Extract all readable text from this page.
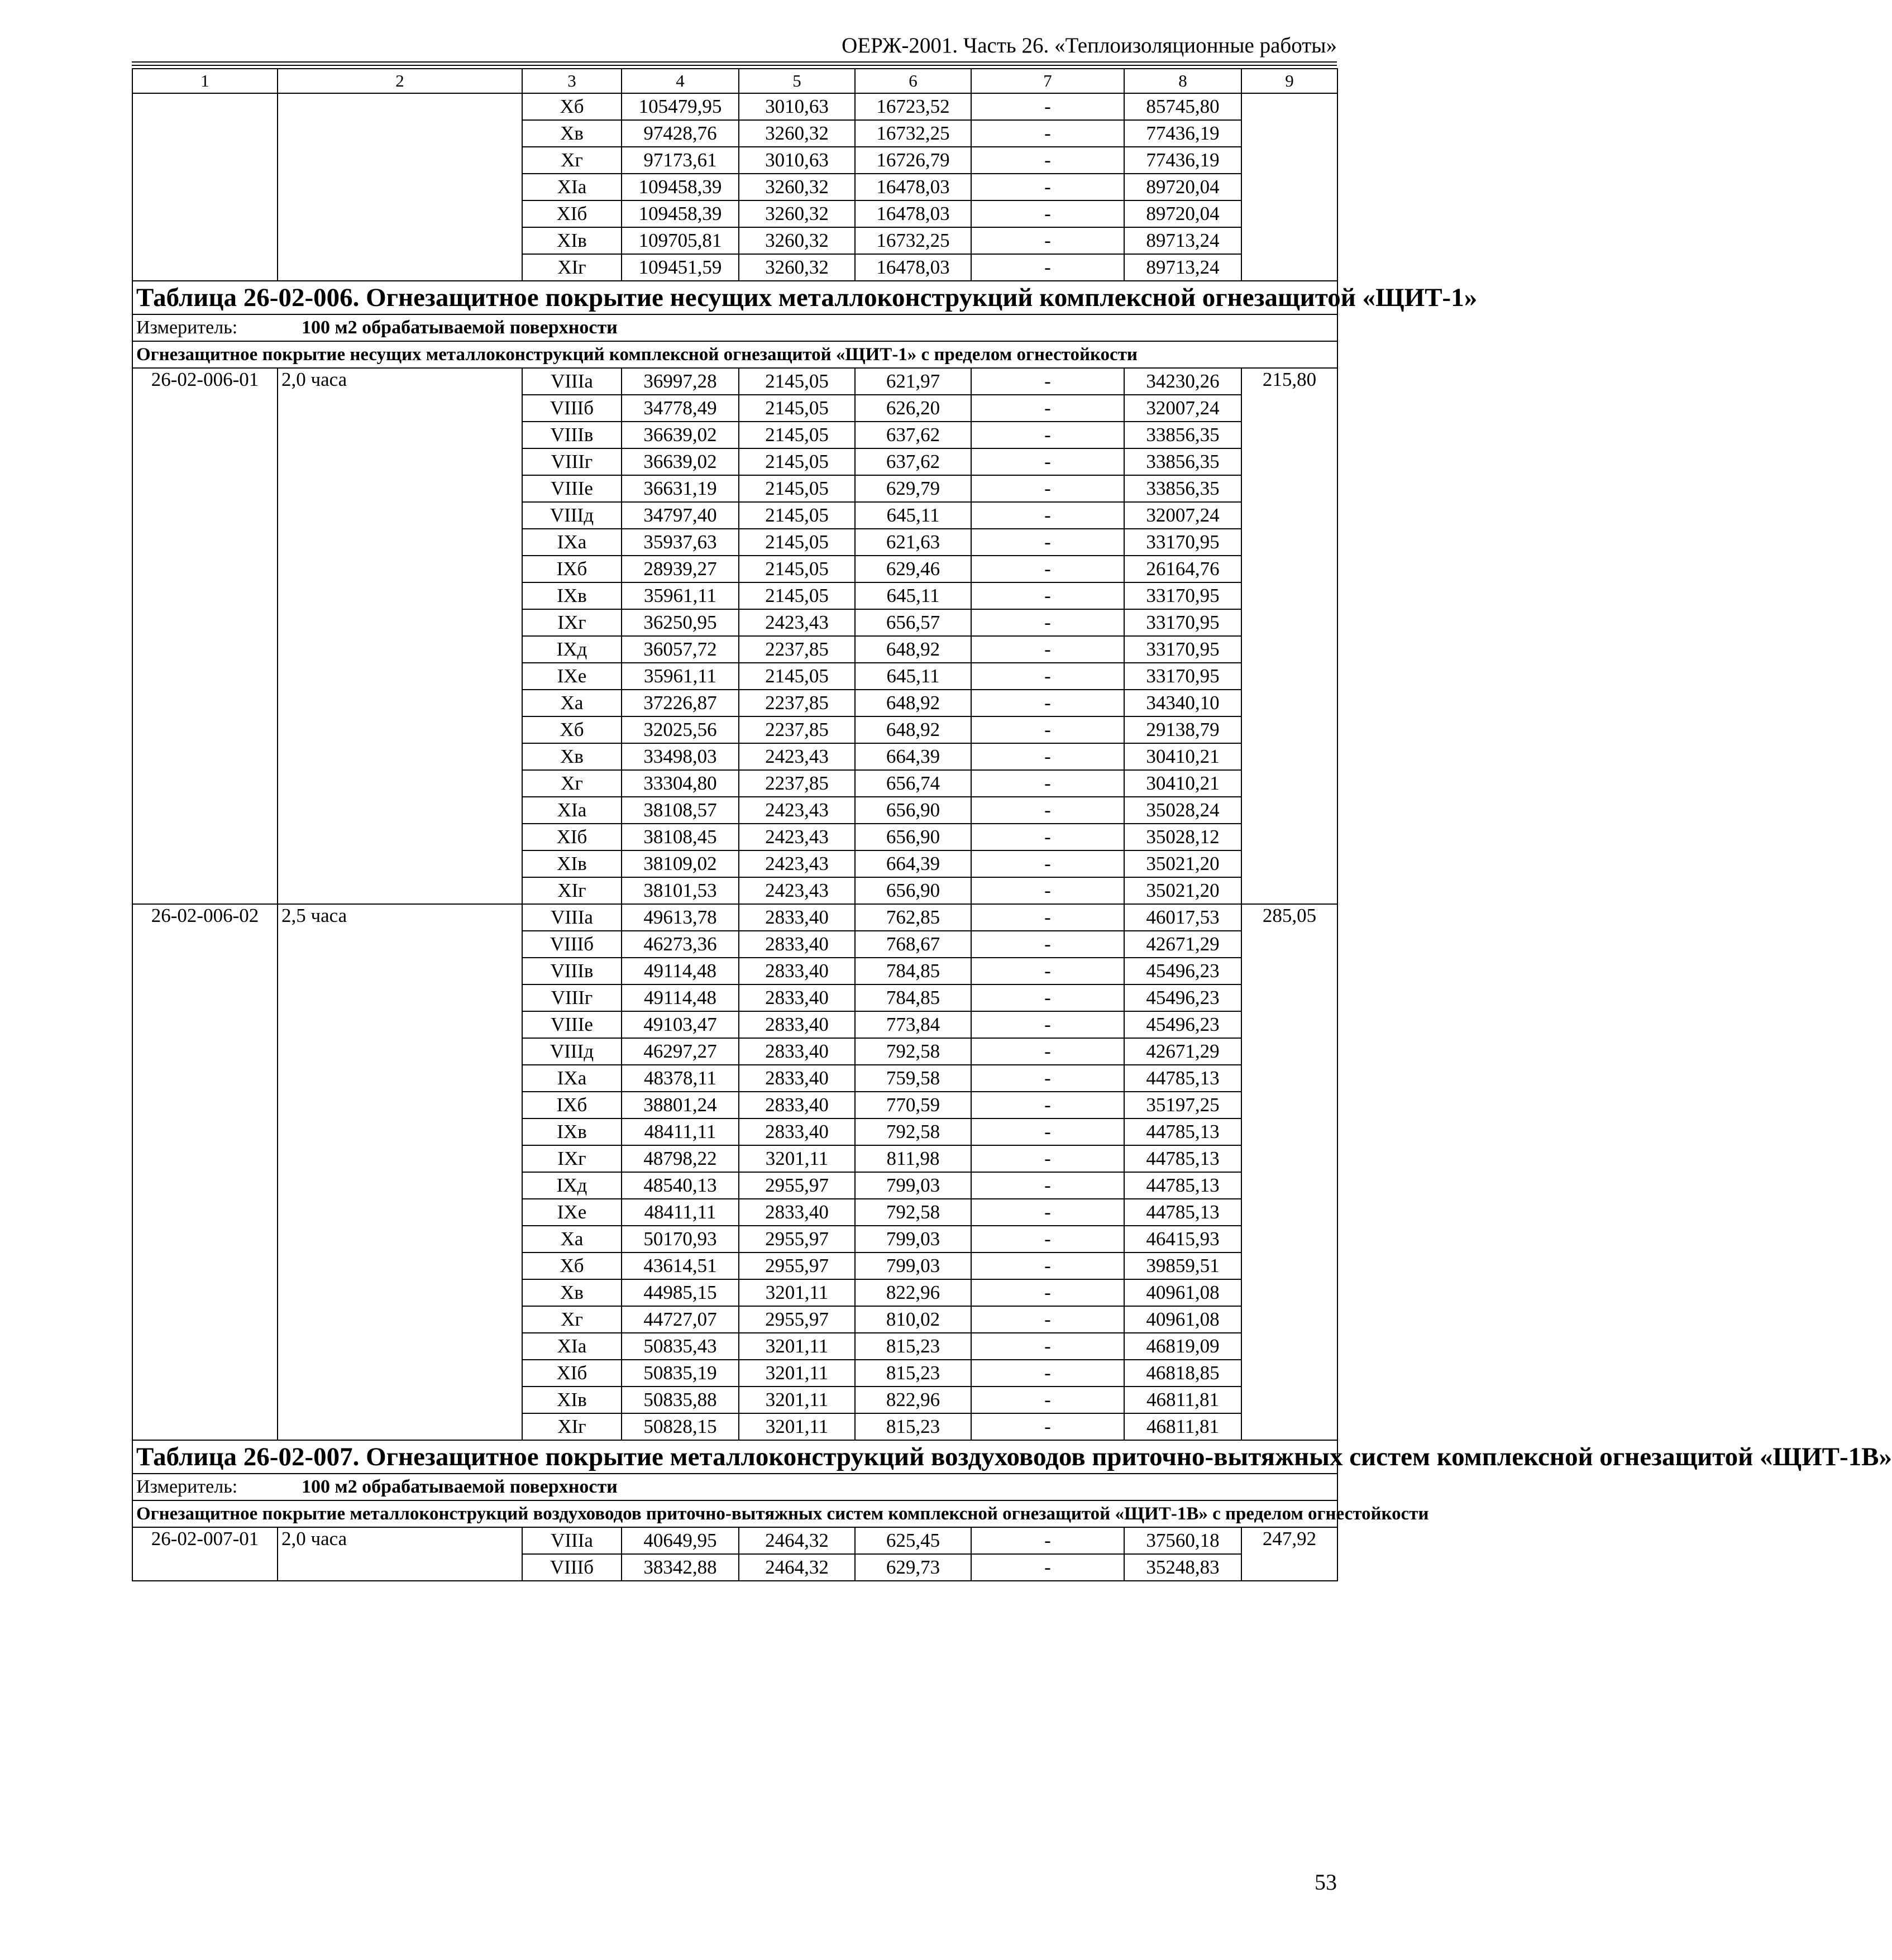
ОЕРЖ-2001. Часть 26. «Теплоизоляционные работы»
1	2	3	4	5	6	7	8	9
		Xб	105479,95	3010,63	16723,52	-	85745,80	
		Xв	97428,76	3260,32	16732,25	-	77436,19	
		Xг	97173,61	3010,63	16726,79	-	77436,19	
		XIа	109458,39	3260,32	16478,03	-	89720,04	
		XIб	109458,39	3260,32	16478,03	-	89720,04	
		XIв	109705,81	3260,32	16732,25	-	89713,24	
		XIг	109451,59	3260,32	16478,03	-	89713,24	
Таблица 26-02-006. Огнезащитное покрытие несущих металлоконструкций комплексной огнезащитой «ЩИТ-1»								
Измеритель: 100 м2 обрабатываемой поверхности								
Огнезащитное покрытие несущих металлоконструкций комплексной огнезащитой «ЩИТ-1» с пределом огнестойкости								
26-02-006-01	2,0 часа	VIIIа	36997,28	2145,05	621,97	-	34230,26	215,80
		VIIIб	34778,49	2145,05	626,20	-	32007,24	
		VIIIв	36639,02	2145,05	637,62	-	33856,35	
		VIIIг	36639,02	2145,05	637,62	-	33856,35	
		VIIIе	36631,19	2145,05	629,79	-	33856,35	
		VIIIд	34797,40	2145,05	645,11	-	32007,24	
		IXа	35937,63	2145,05	621,63	-	33170,95	
		IXб	28939,27	2145,05	629,46	-	26164,76	
		IXв	35961,11	2145,05	645,11	-	33170,95	
		IXг	36250,95	2423,43	656,57	-	33170,95	
		IXд	36057,72	2237,85	648,92	-	33170,95	
		IXе	35961,11	2145,05	645,11	-	33170,95	
		Xа	37226,87	2237,85	648,92	-	34340,10	
		Xб	32025,56	2237,85	648,92	-	29138,79	
		Xв	33498,03	2423,43	664,39	-	30410,21	
		Xг	33304,80	2237,85	656,74	-	30410,21	
		XIа	38108,57	2423,43	656,90	-	35028,24	
		XIб	38108,45	2423,43	656,90	-	35028,12	
		XIв	38109,02	2423,43	664,39	-	35021,20	
		XIг	38101,53	2423,43	656,90	-	35021,20	
26-02-006-02	2,5 часа	VIIIа	49613,78	2833,40	762,85	-	46017,53	285,05
		VIIIб	46273,36	2833,40	768,67	-	42671,29	
		VIIIв	49114,48	2833,40	784,85	-	45496,23	
		VIIIг	49114,48	2833,40	784,85	-	45496,23	
		VIIIе	49103,47	2833,40	773,84	-	45496,23	
		VIIIд	46297,27	2833,40	792,58	-	42671,29	
		IXа	48378,11	2833,40	759,58	-	44785,13	
		IXб	38801,24	2833,40	770,59	-	35197,25	
		IXв	48411,11	2833,40	792,58	-	44785,13	
		IXг	48798,22	3201,11	811,98	-	44785,13	
		IXд	48540,13	2955,97	799,03	-	44785,13	
		IXе	48411,11	2833,40	792,58	-	44785,13	
		Xа	50170,93	2955,97	799,03	-	46415,93	
		Xб	43614,51	2955,97	799,03	-	39859,51	
		Xв	44985,15	3201,11	822,96	-	40961,08	
		Xг	44727,07	2955,97	810,02	-	40961,08	
		XIа	50835,43	3201,11	815,23	-	46819,09	
		XIб	50835,19	3201,11	815,23	-	46818,85	
		XIв	50835,88	3201,11	822,96	-	46811,81	
		XIг	50828,15	3201,11	815,23	-	46811,81	
Таблица 26-02-007. Огнезащитное покрытие металлоконструкций воздуховодов приточно-вытяжных систем комплексной огнезащитой «ЩИТ-1В»								
Измеритель: 100 м2 обрабатываемой поверхности								
Огнезащитное покрытие металлоконструкций воздуховодов приточно-вытяжных систем комплексной огнезащитой «ЩИТ-1В» с пределом огнестойкости								
26-02-007-01	2,0 часа	VIIIа	40649,95	2464,32	625,45	-	37560,18	247,92
		VIIIб	38342,88	2464,32	629,73	-	35248,83	
53
